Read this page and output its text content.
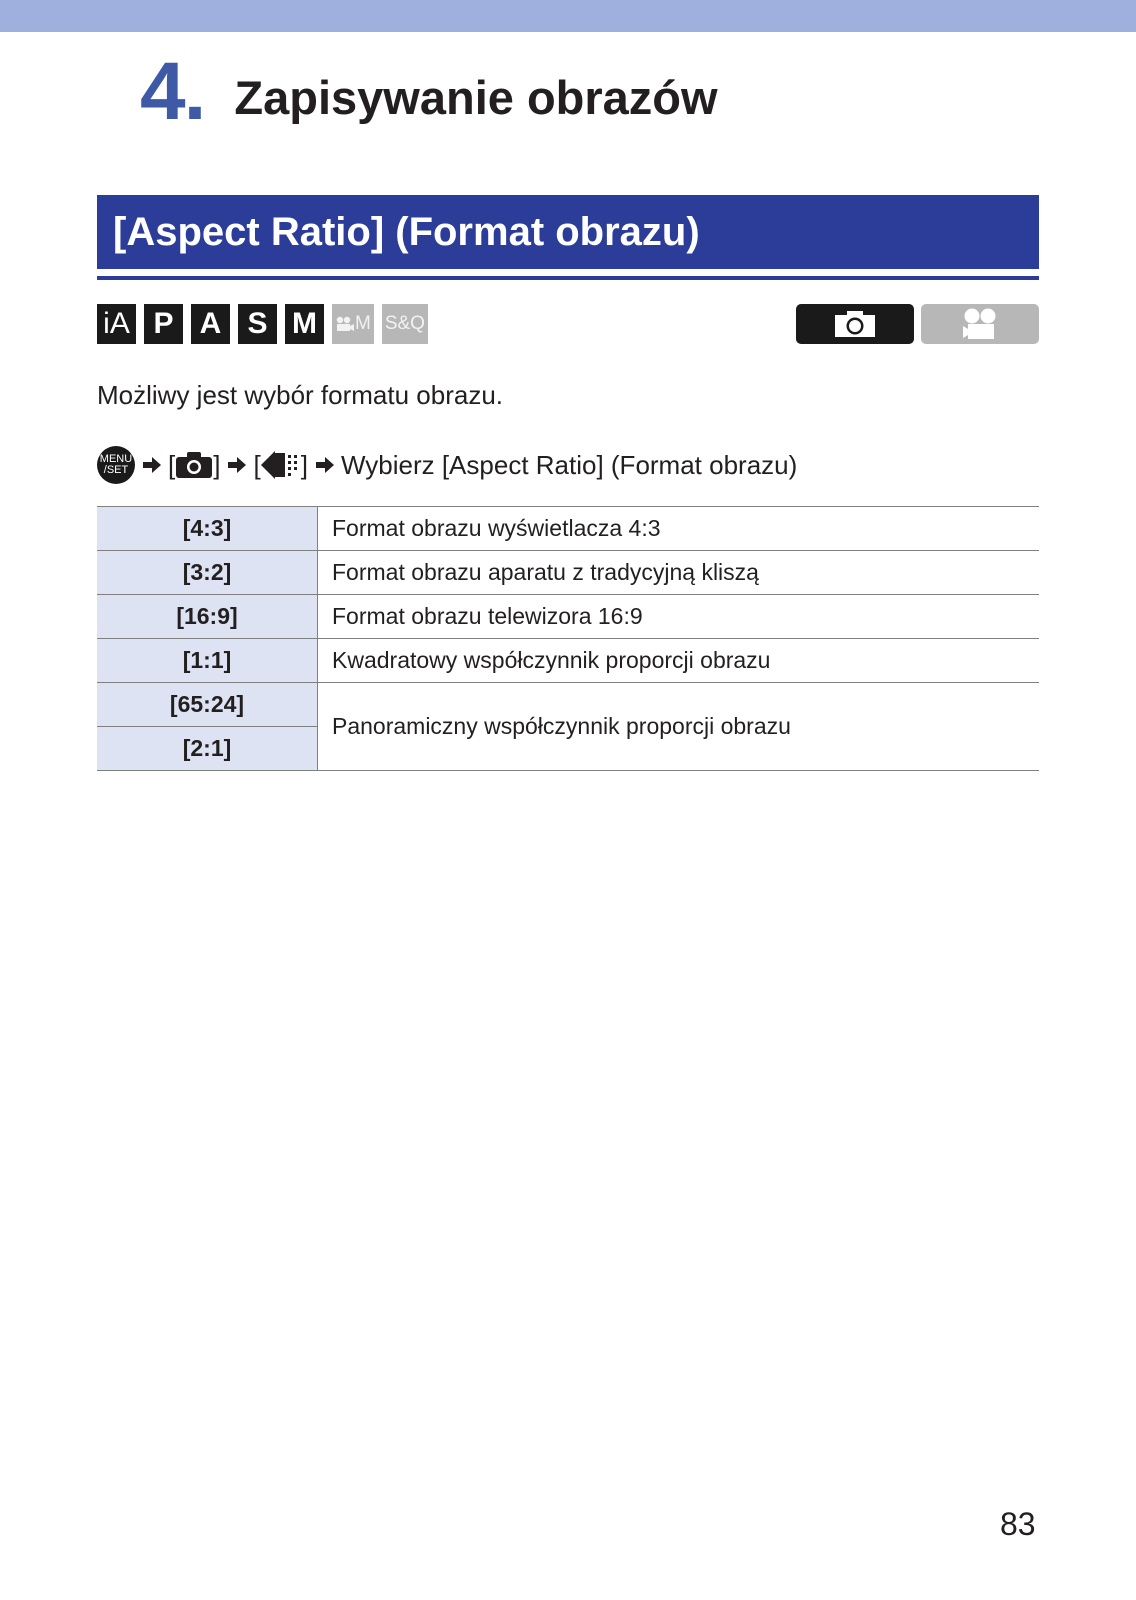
4. Zapisywanie obrazów
[Aspect Ratio] (Format obrazu)
iA P A S M	M S&Q
Możliwy jest wybór formatu obrazu.
MENU
/SET [ ] [ ] Wybierz [Aspect Ratio] (Format obrazu)
[4:3]	Format obrazu wyświetlacza 4:3
[3:2]	Format obrazu aparatu z tradycyjną kliszą
[16:9]	Format obrazu telewizora 16:9
[1:1]	Kwadratowy współczynnik proporcji obrazu
[65:24]	Panoramiczny współczynnik proporcji obrazu
[2:1]	
83
